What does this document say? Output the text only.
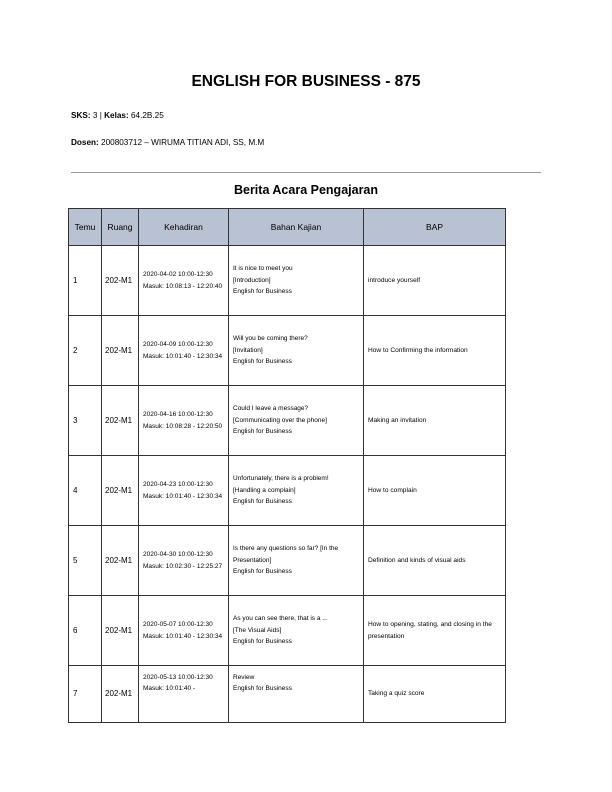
ENGLISH FOR BUSINESS - 875
SKS: 3 | Kelas: 64.2B.25
Dosen: 200803712 – WIRUMA TITIAN ADI, SS, M.M
Berita Acara Pengajaran
Temu	Ruang	Kehadiran	Bahan Kajian	BAP
1	202-M1	2020-04-02 10:00-12:30
Masuk: 10:08:13 - 12:20:40	It is nice to meet you
[Introduction]
English for Business	introduce yourself
2	202-M1	2020-04-09 10:00-12:30
Masuk: 10:01:40 - 12:30:34	Will you be coming there?
[Invitation]
English for Business	How to Confirming the information
3	202-M1	2020-04-16 10:00-12:30
Masuk: 10:08:28 - 12:20:50	Could I leave a message?
[Communicating over the phone]
English for Business	Making an invitation
4	202-M1	2020-04-23 10:00-12:30
Masuk: 10:01:40 - 12:30:34	Unfortunately, there is a problem!
[Handling a complain]
English for Business	How to complain
5	202-M1	2020-04-30 10:00-12:30
Masuk: 10:02:30 - 12:25:27	Is there any questions so far? [In the Presentation]
English for Business	Definition and kinds of visual aids
6	202-M1	2020-05-07 10:00-12:30
Masuk: 10:01:40 - 12:30:34	As you can see there, that is a ...
[The Visual Aids]
English for Business	How to opening, stating, and closing in the presentation
7	202-M1	2020-05-13 10:00-12:30
Masuk: 10:01:40 -	Review
English for Business	Taking a quiz score
